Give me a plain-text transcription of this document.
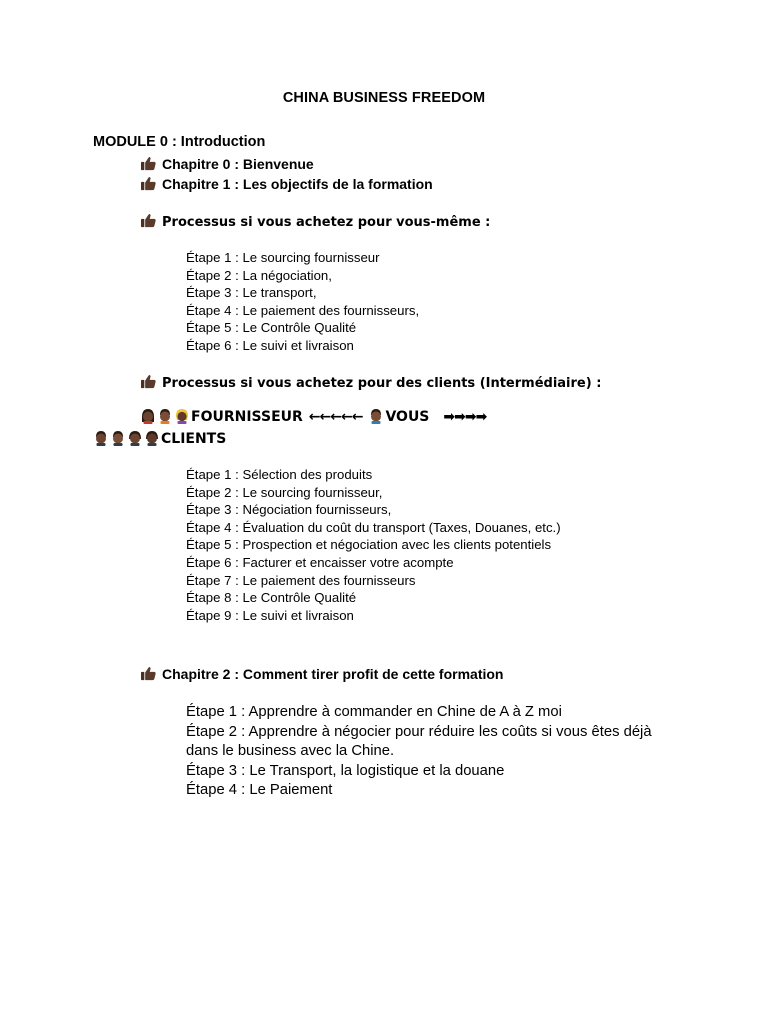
CHINA BUSINESS FREEDOM
MODULE 0 : Introduction
Chapitre 0 : Bienvenue
Chapitre 1 : Les objectifs de la formation
Processus si vous achetez pour vous-même :
Étape 1 : Le sourcing fournisseur
Étape 2 : La négociation,
Étape 3 : Le transport,
Étape 4 : Le paiement des fournisseurs,
Étape 5 : Le Contrôle Qualité
Étape 6 : Le suivi et livraison
Processus si vous achetez pour des clients (Intermédiaire) :
FOURNISSEUR ←←←←← VOUS ➡➡➡➡
CLIENTS
Étape 1 : Sélection des produits
Étape 2 : Le sourcing fournisseur,
Étape 3 : Négociation fournisseurs,
Étape 4 : Évaluation du coût du transport (Taxes, Douanes, etc.)
Étape 5 : Prospection et négociation avec les clients potentiels
Étape 6 : Facturer et encaisser votre acompte
Étape 7 : Le paiement des fournisseurs
Étape 8 : Le Contrôle Qualité
Étape 9 : Le suivi et livraison
Chapitre 2 : Comment tirer profit de cette formation
Étape 1 : Apprendre à commander en Chine de A à Z moi
Étape 2 : Apprendre à négocier pour réduire les coûts si vous êtes déjà dans le business avec la Chine.
Étape 3 : Le Transport, la logistique et la douane
Étape 4 : Le Paiement
